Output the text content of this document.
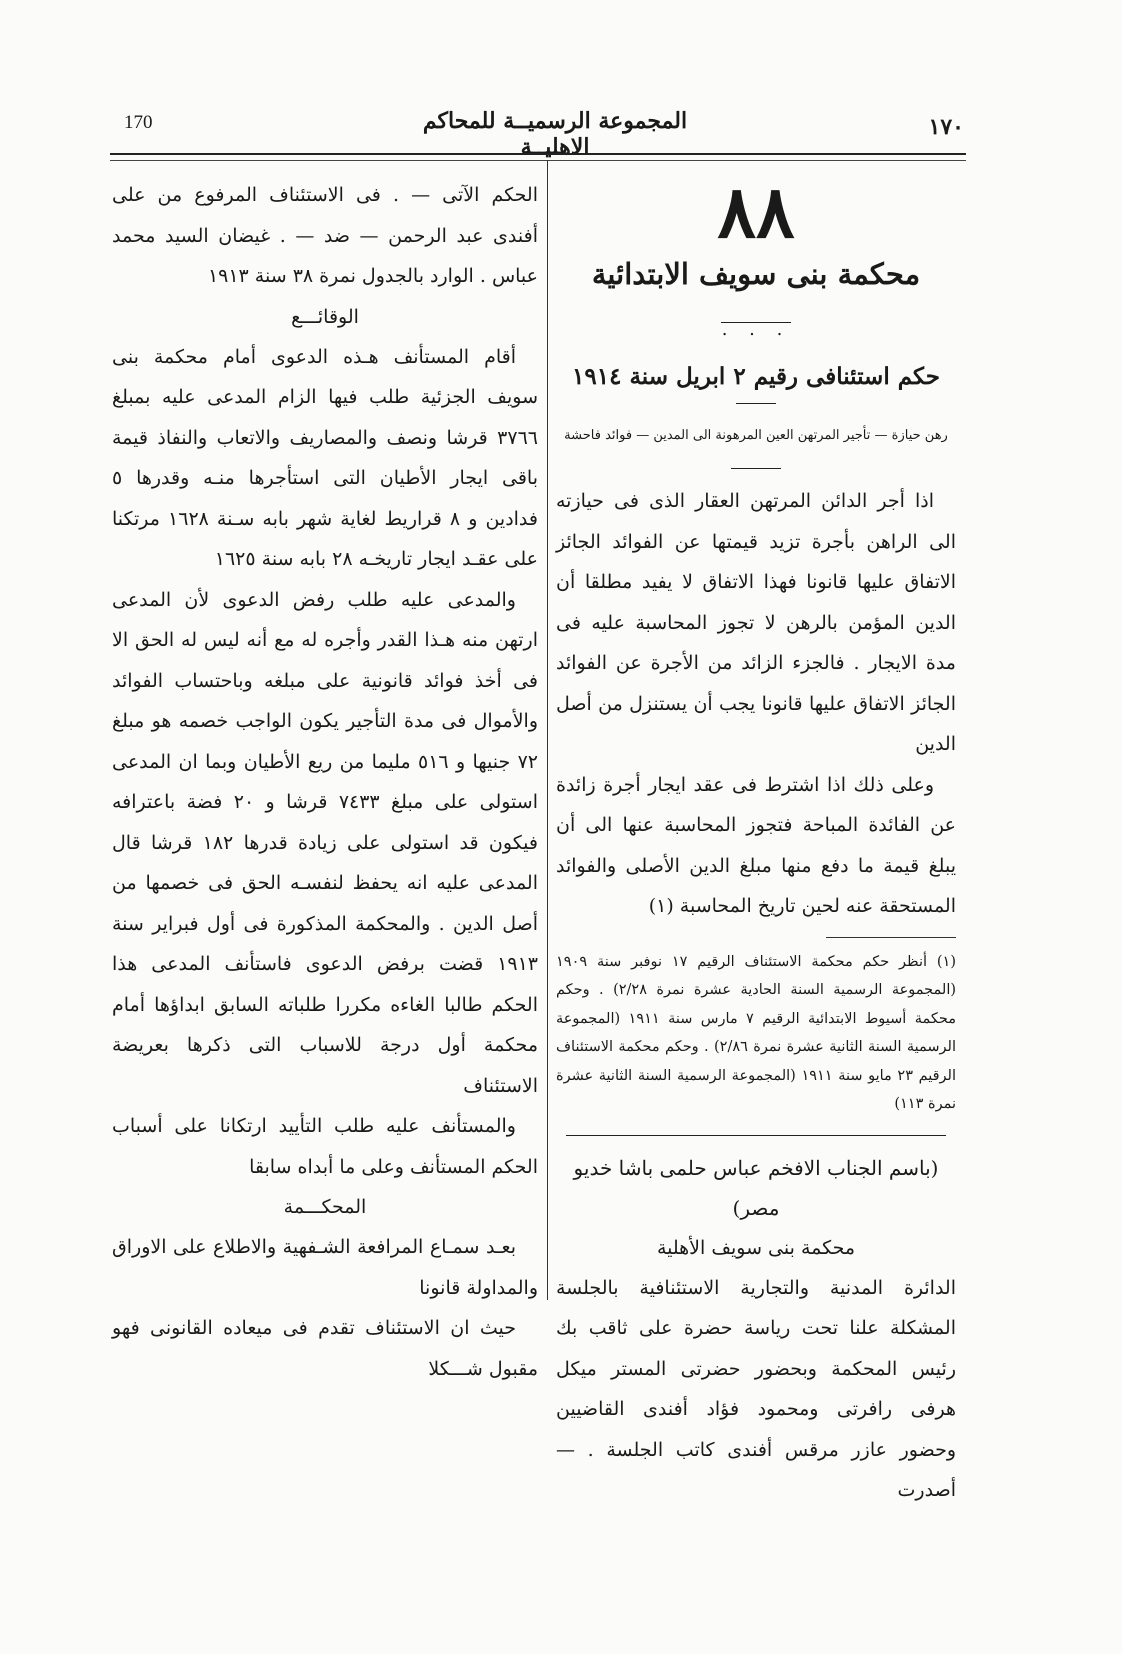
170	المجموعة الرسميــة للمحاكم الاهليــة
١٧٠

٨٨

محكمة بنى سويف الابتدائية

. . .

حكم استئنافى رقيم ٢ ابريل سنة ١٩١٤

رهن حيازة — تأجير المرتهن العين المرهونة الى المدين — فوائد فاحشة

اذا أجر الدائن المرتهن العقار الذى فى حيازته الى الراهن بأجرة تزيد قيمتها عن الفوائد الجائز الاتفاق عليها قانونا فهذا الاتفاق لا يفيد مطلقا أن الدين المؤمن بالرهن لا تجوز المحاسبة عليه فى مدة الايجار . فالجزء الزائد من الأجرة عن الفوائد الجائز الاتفاق عليها قانونا يجب أن يستنزل من أصل الدين

وعلى ذلك اذا اشترط فى عقد ايجار أجرة زائدة عن الفائدة المباحة فتجوز المحاسبة عنها الى أن يبلغ قيمة ما دفع منها مبلغ الدين الأصلى والفوائد المستحقة عنه لحين تاريخ المحاسبة (١)

(١) أنظر حكم محكمة الاستئناف الرقيم ١٧ نوفبر سنة ١٩٠٩ (المجموعة الرسمية السنة الحادية عشرة نمرة ٢/٢٨) . وحكم محكمة أسيوط الابتدائية الرقيم ٧ مارس سنة ١٩١١ (المجموعة الرسمية السنة الثانية عشرة نمرة ٢/٨٦) . وحكم محكمة الاستئناف الرقيم ٢٣ مايو سنة ١٩١١ (المجموعة الرسمية السنة الثانية عشرة نمرة ١١٣)

(باسم الجناب الافخم عباس حلمى باشا خديو مصر)

محكمة بنى سويف الأهلية

الدائرة المدنية والتجارية الاستئنافية بالجلسة المشكلة علنا تحت رياسة حضرة على ثاقب بك رئيس المحكمة وبحضور حضرتى المستر ميكل هرفى رافرتى ومحمود فؤاد أفندى القاضيين وحضور عازر مرقس أفندى كاتب الجلسة . — أصدرت

الحكم الآتى — . فى الاستئناف المرفوع من على أفندى عبد الرحمن — ضد — . غيضان السيد محمد عباس . الوارد بالجدول نمرة ٣٨ سنة ١٩١٣

الوقائـــع

أقام المستأنف هـذه الدعوى أمام محكمة بنى سويف الجزئية طلب فيها الزام المدعى عليه بمبلغ ٣٧٦٦ قرشا ونصف والمصاريف والاتعاب والنفاذ قيمة باقى ايجار الأطيان التى استأجرها منـه وقدرها ٥ فدادين و ٨ قراريط لغاية شهر بابه سـنة ١٦٢٨ مرتكنا على عقـد ايجار تاريخـه ٢٨ بابه سنة ١٦٢٥

والمدعى عليه طلب رفض الدعوى لأن المدعى ارتهن منه هـذا القدر وأجره له مع أنه ليس له الحق الا فى أخذ فوائد قانونية على مبلغه وباحتساب الفوائد والأموال فى مدة التأجير يكون الواجب خصمه هو مبلغ ٧٢ جنيها و ٥١٦ مليما من ريع الأطيان وبما ان المدعى استولى على مبلغ ٧٤٣٣ قرشا و ٢٠ فضة باعترافه فيكون قد استولى على زيادة قدرها ١٨٢ قرشا قال المدعى عليه انه يحفظ لنفسـه الحق فى خصمها من أصل الدين . والمحكمة المذكورة فى أول فبراير سنة ١٩١٣ قضت برفض الدعوى فاستأنف المدعى هذا الحكم طالبا الغاءه مكررا طلباته السابق ابداؤها أمام محكمة أول درجة للاسباب التى ذكرها بعريضة الاستئناف

والمستأنف عليه طلب التأييد ارتكانا على أسباب الحكم المستأنف وعلى ما أبداه سابقا

المحكـــمة

بعـد سمـاع المرافعة الشـفهية والاطلاع على الاوراق والمداولة قانونا

حيث ان الاستئناف تقدم فى ميعاده القانونى فهو مقبول شـــكلا
